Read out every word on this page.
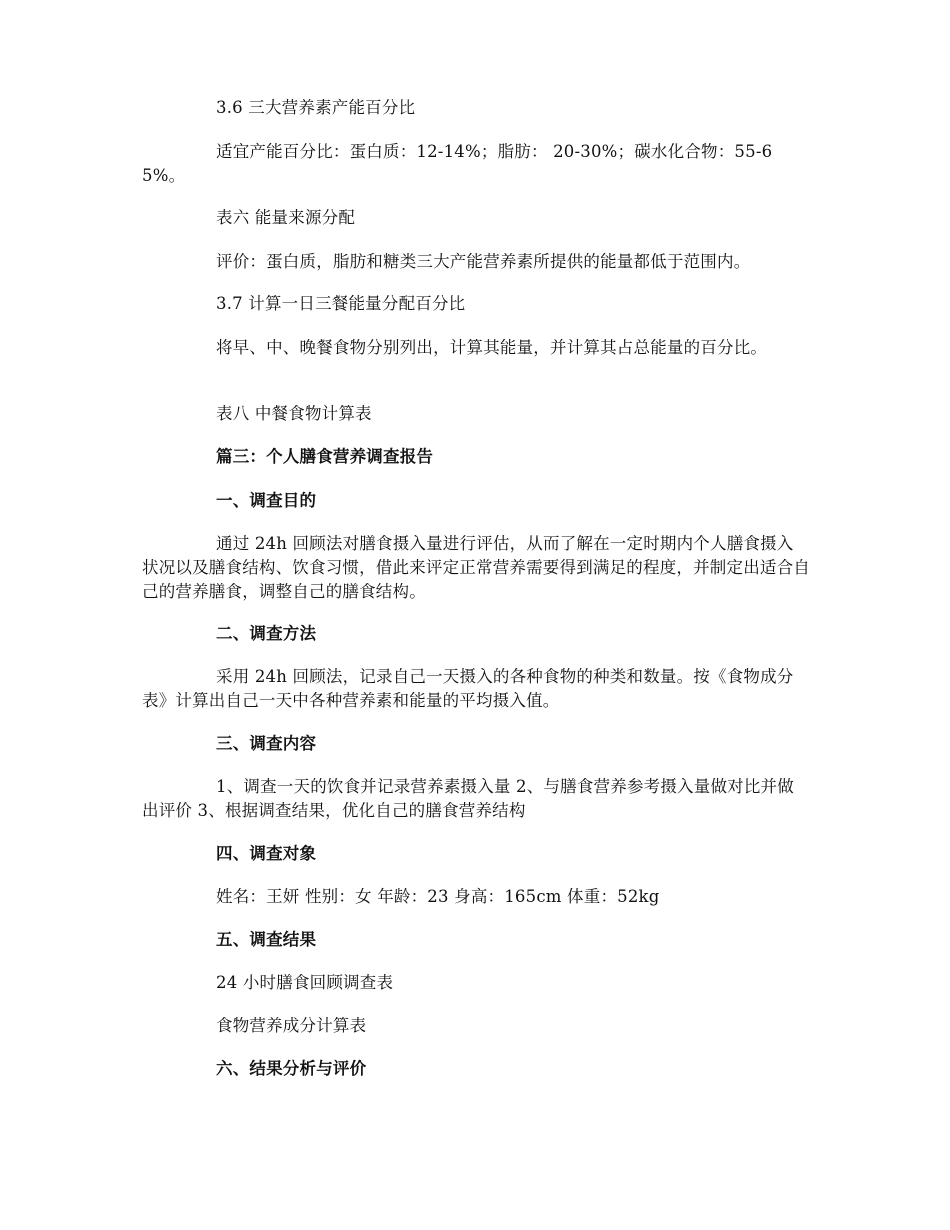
3.6 三大营养素产能百分比
适宜产能百分比：蛋白质：12-14%；脂肪： 20-30%；碳水化合物：55-65%。
表六 能量来源分配
评价：蛋白质，脂肪和糖类三大产能营养素所提供的能量都低于范围内。
3.7 计算一日三餐能量分配百分比
将早、中、晚餐食物分别列出，计算其能量，并计算其占总能量的百分比。
表八 中餐食物计算表
篇三：个人膳食营养调查报告
一、调查目的
通过 24h 回顾法对膳食摄入量进行评估，从而了解在一定时期内个人膳食摄入状况以及膳食结构、饮食习惯，借此来评定正常营养需要得到满足的程度，并制定出适合自己的营养膳食，调整自己的膳食结构。
二、调查方法
采用 24h 回顾法，记录自己一天摄入的各种食物的种类和数量。按《食物成分表》计算出自己一天中各种营养素和能量的平均摄入值。
三、调查内容
1、调查一天的饮食并记录营养素摄入量 2、与膳食营养参考摄入量做对比并做出评价 3、根据调查结果，优化自己的膳食营养结构
四、调查对象
姓名：王妍 性别：女 年龄：23 身高：165cm 体重：52kg
五、调查结果
24 小时膳食回顾调查表
食物营养成分计算表
六、结果分析与评价
